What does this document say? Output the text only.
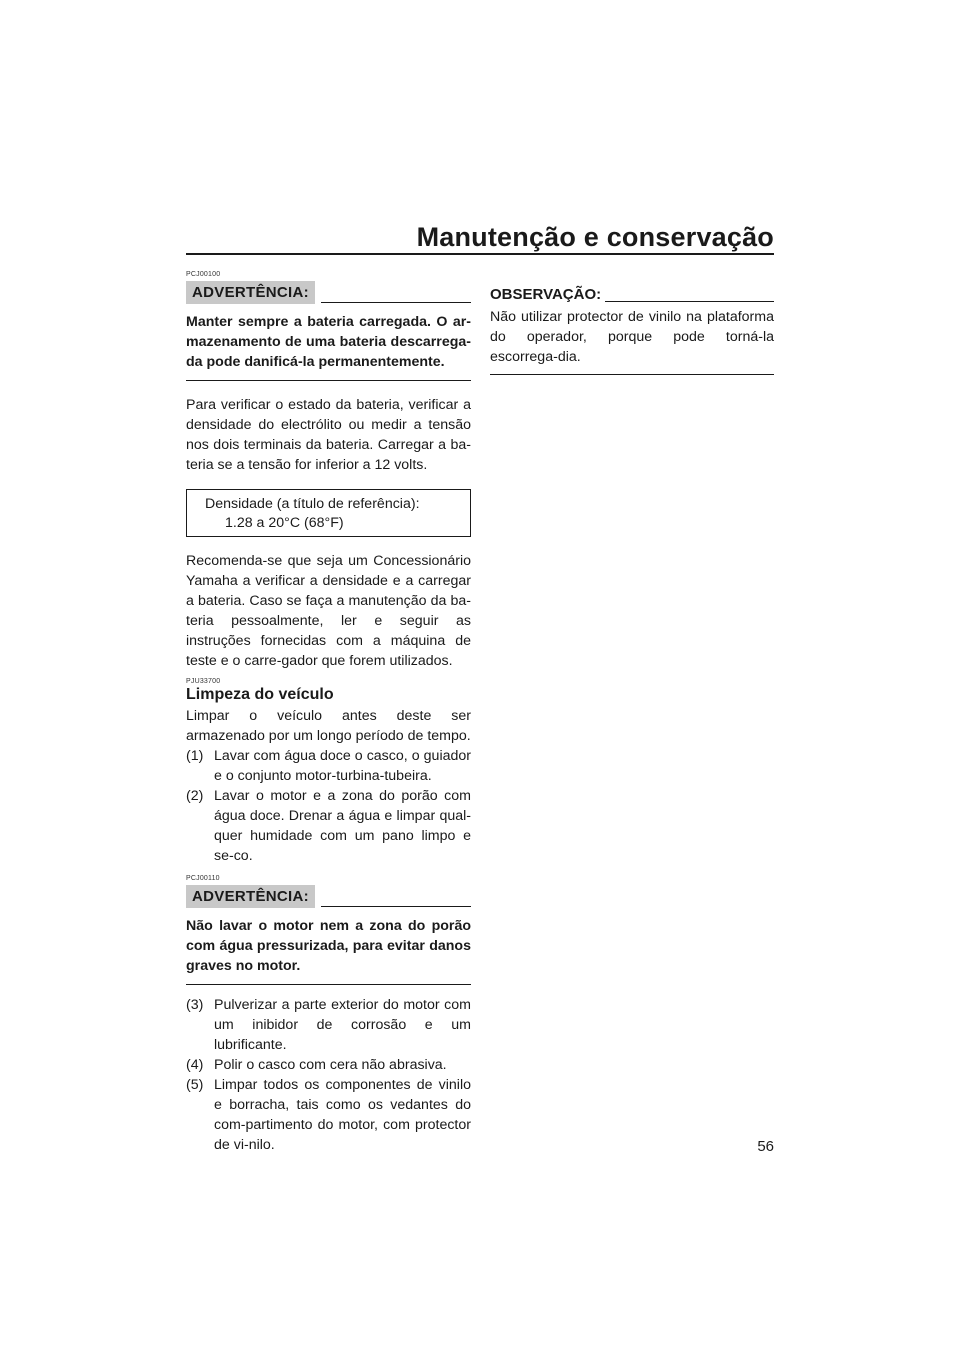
Manutenção e conservação
PCJ00100
ADVERTÊNCIA:
Manter sempre a bateria carregada. O ar-mazenamento de uma bateria descarrega-da pode danificá-la permanentemente.
Para verificar o estado da bateria, verificar a densidade do electrólito ou medir a tensão nos dois terminais da bateria. Carregar a ba-teria se a tensão for inferior a 12 volts.
Densidade (a título de referência):
1.28 a 20°C (68°F)
Recomenda-se que seja um Concessionário Yamaha a verificar a densidade e a carregar a bateria. Caso se faça a manutenção da ba-teria pessoalmente, ler e seguir as instruções fornecidas com a máquina de teste e o carre-gador que forem utilizados.
PJU33700
Limpeza do veículo
Limpar o veículo antes deste ser armazenado por um longo período de tempo.
(1) Lavar com água doce o casco, o guiador e o conjunto motor-turbina-tubeira.
(2) Lavar o motor e a zona do porão com água doce. Drenar a água e limpar qual-quer humidade com um pano limpo e se-co.
PCJ00110
ADVERTÊNCIA:
Não lavar o motor nem a zona do porão com água pressurizada, para evitar danos graves no motor.
(3) Pulverizar a parte exterior do motor com um inibidor de corrosão e um lubrificante.
(4) Polir o casco com cera não abrasiva.
(5) Limpar todos os componentes de vinilo e borracha, tais como os vedantes do com-partimento do motor, com protector de vi-nilo.
OBSERVAÇÃO:
Não utilizar protector de vinilo na plataforma do operador, porque pode torná-la escorrega-dia.
56
